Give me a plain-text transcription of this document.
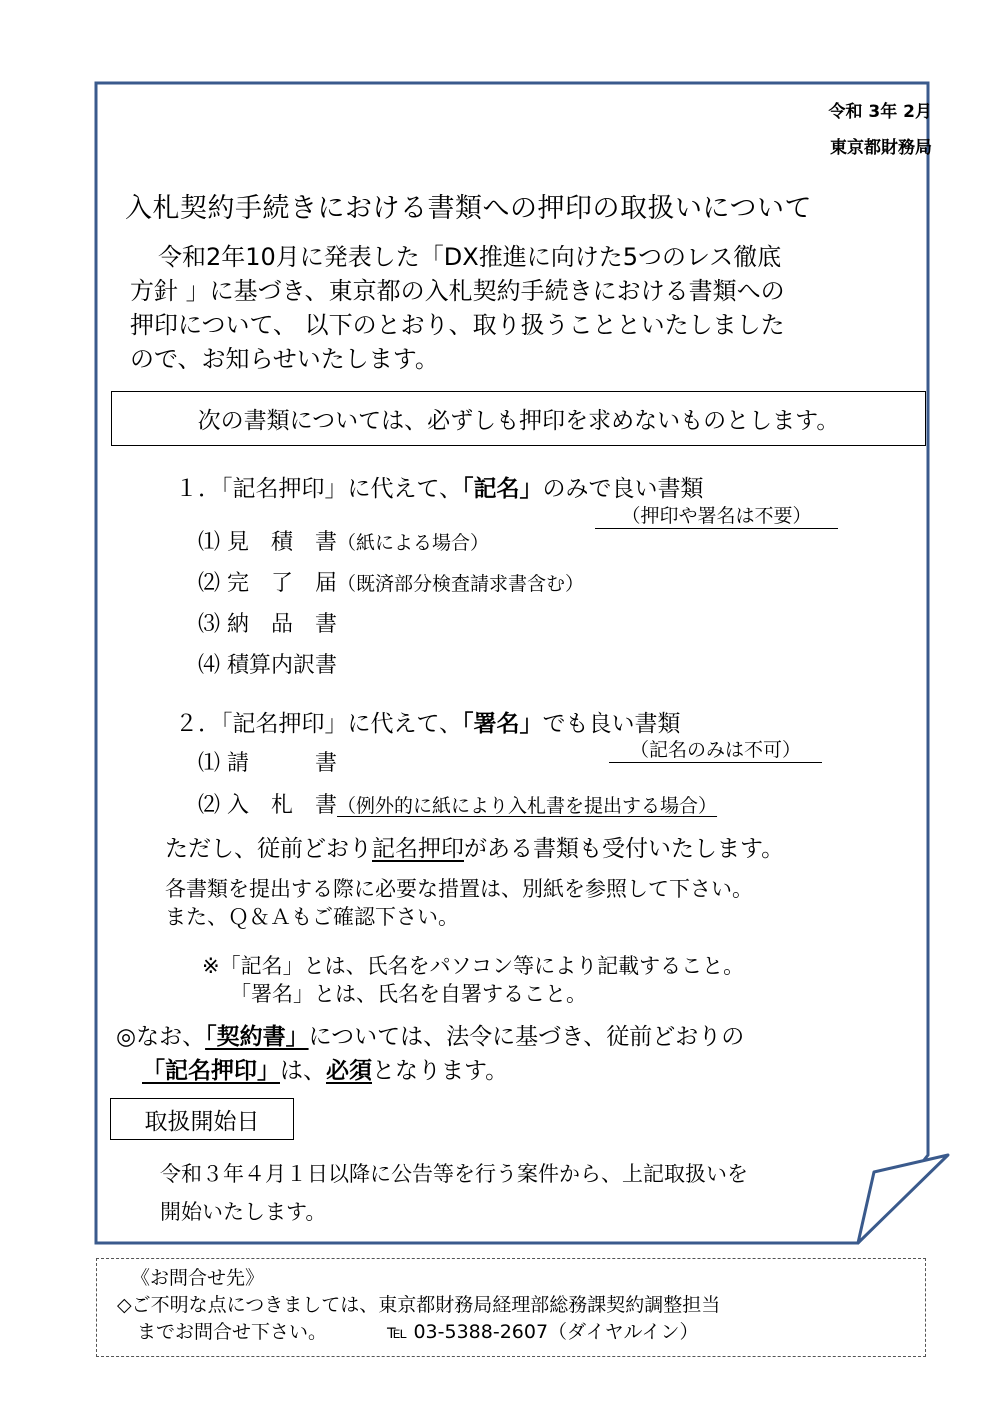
令和 3年 2月
東京都財務局
入札契約手続きにおける書類への押印の取扱いについて
令和2年10月に発表した「DX推進に向けた5つのレス徹底
方針 」に基づき、東京都の入札契約手続きにおける書類への
押印について、 以下のとおり、取り扱うことといたしました
ので、お知らせいたします。
次の書類については、必ずしも押印を求めないものとします。
１．「記名押印」に代えて、「記名」のみで良い書類
（押印や署名は不要）
⑴ 見　積　書（紙による場合）
⑵ 完　了　届（既済部分検査請求書含む）
⑶ 納　品　書
⑷ 積算内訳書
２．「記名押印」に代えて、「署名」でも良い書類
（記名のみは不可）
⑴ 請　　　書
⑵ 入　札　書（例外的に紙により入札書を提出する場合）
ただし、従前どおり記名押印がある書類も受付いたします。
各書類を提出する際に必要な措置は、別紙を参照して下さい。
また、Ｑ＆Ａもご確認下さい。
※「記名」とは、氏名をパソコン等により記載すること。
「署名」とは、氏名を自署すること。
◎なお、「契約書」については、法令に基づき、従前どおりの
「記名押印」は、必須となります。
取扱開始日
令和３年４月１日以降に公告等を行う案件から、上記取扱いを
開始いたします。
《お問合せ先》
◇ご不明な点につきましては、東京都財務局経理部総務課契約調整担当
までお問合せ下さい。	℡ 03-5388-2607（ダイヤルイン）
